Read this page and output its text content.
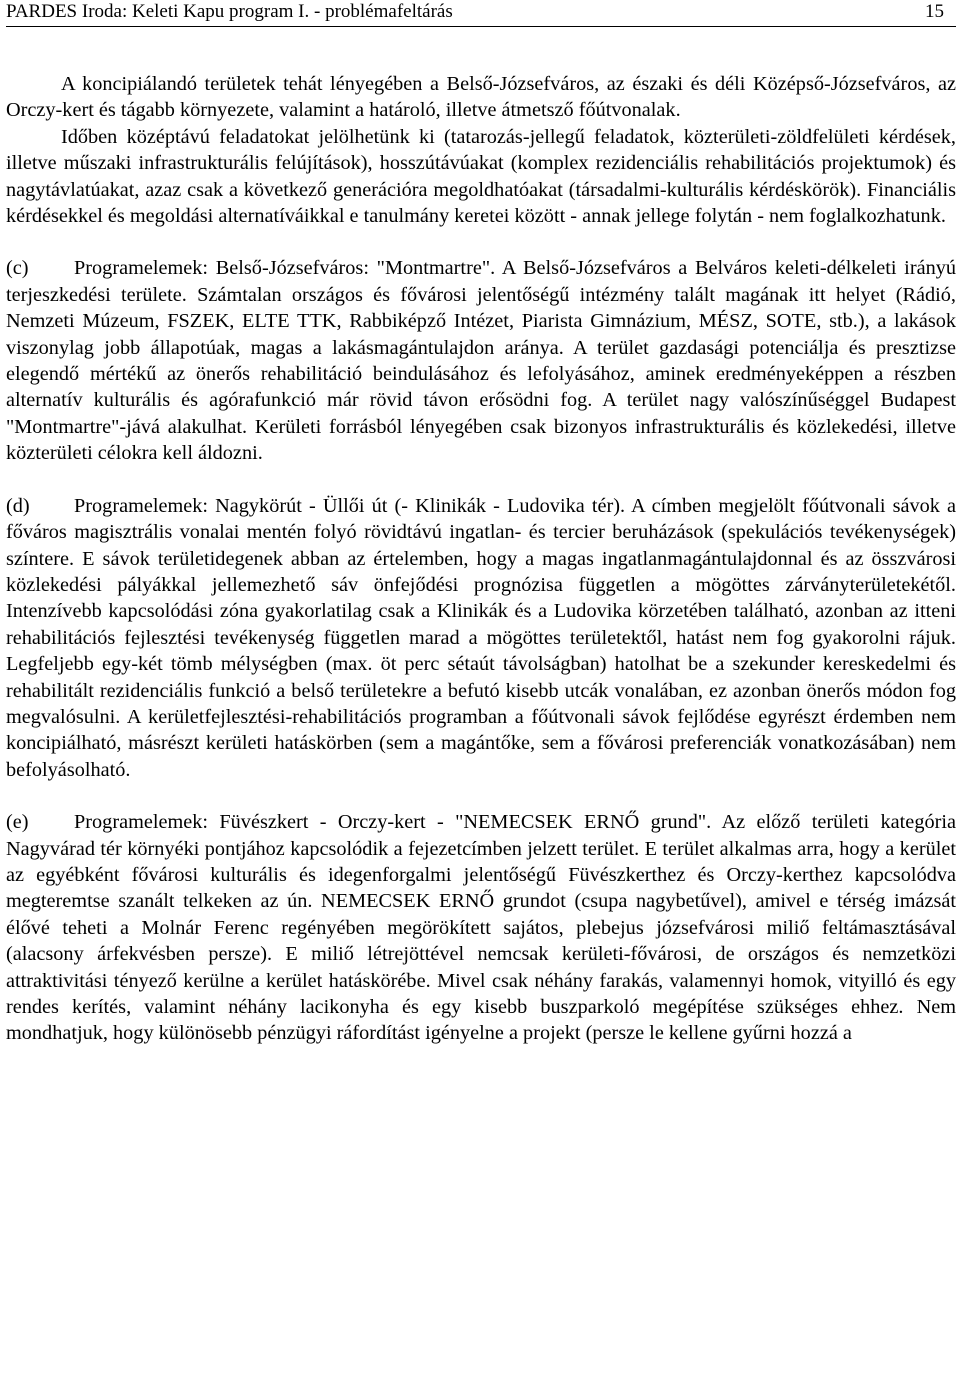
PARDES Iroda: Keleti Kapu program I. - problémafeltárás	15

A koncipiálandó területek tehát lényegében a Belső-Józsefváros, az északi és déli Középső-Józsefváros, az Orczy-kert és tágabb környezete, valamint a határoló, illetve átmetsző főútvonalak.

Időben középtávú feladatokat jelölhetünk ki (tatarozás-jellegű feladatok, közterületi-zöldfelületi kérdések, illetve műszaki infrastrukturális felújítások), hosszútávúakat (komplex rezidenciális rehabilitációs projektumok) és nagytávlatúakat, azaz csak a következő generációra megoldhatóakat (társadalmi-kulturális kérdéskörök). Financiális kérdésekkel és megoldási alternatíváikkal e tanulmány keretei között - annak jellege folytán - nem foglalkozhatunk.

(c) Programelemek: Belső-Józsefváros: "Montmartre". A Belső-Józsefváros a Belváros keleti-délkeleti irányú terjeszkedési területe. Számtalan országos és fővárosi jelentőségű intézmény talált magának itt helyet (Rádió, Nemzeti Múzeum, FSZEK, ELTE TTK, Rabbiképző Intézet, Piarista Gimnázium, MÉSZ, SOTE, stb.), a lakások viszonylag jobb állapotúak, magas a lakásmagántulajdon aránya. A terület gazdasági potenciálja és presztizse elegendő mértékű az önerős rehabilitáció beindulásához és lefolyásához, aminek eredményeképpen a részben alternatív kulturális és agórafunkció már rövid távon erősödni fog. A terület nagy valószínűséggel Budapest "Montmartre"-jává alakulhat. Kerületi forrásból lényegében csak bizonyos infrastrukturális és közlekedési, illetve közterületi célokra kell áldozni.

(d) Programelemek: Nagykörút - Üllői út (- Klinikák - Ludovika tér). A címben megjelölt főútvonali sávok a főváros magisztrális vonalai mentén folyó rövidtávú ingatlan- és tercier beruházások (spekulációs tevékenységek) színtere. E sávok területidegenek abban az értelemben, hogy a magas ingatlanmagántulajdonnal és az összvárosi közlekedési pályákkal jellemezhető sáv önfejődési prognózisa független a mögöttes zárványterületekétől. Intenzívebb kapcsolódási zóna gyakorlatilag csak a Klinikák és a Ludovika körzetében található, azonban az itteni rehabilitációs fejlesztési tevékenység független marad a mögöttes területektől, hatást nem fog gyakorolni rájuk. Legfeljebb egy-két tömb mélységben (max. öt perc sétaút távolságban) hatolhat be a szekunder kereskedelmi és rehabilitált rezidenciális funkció a belső területekre a befutó kisebb utcák vonalában, ez azonban önerős módon fog megvalósulni. A kerületfejlesztési-rehabilitációs programban a főútvonali sávok fejlődése egyrészt érdemben nem koncipiálható, másrészt kerületi hatáskörben (sem a magántőke, sem a fővárosi preferenciák vonatkozásában) nem befolyásolható.

(e) Programelemek: Füvészkert - Orczy-kert - "NEMECSEK ERNŐ grund". Az előző területi kategória Nagyvárad tér környéki pontjához kapcsolódik a fejezetcímben jelzett terület. E terület alkalmas arra, hogy a kerület az egyébként fővárosi kulturális és idegenforgalmi jelentőségű Füvészkerthez és Orczy-kerthez kapcsolódva megteremtse szanált telkeken az ún. NEMECSEK ERNŐ grundot (csupa nagybetűvel), amivel e térség imázsát élővé teheti a Molnár Ferenc regényében megörökített sajátos, plebejus józsefvárosi miliő feltámasztásával (alacsony árfekvésben persze). E miliő létrejöttével nemcsak kerületi-fővárosi, de országos és nemzetközi attraktivitási tényező kerülne a kerület hatáskörébe. Mivel csak néhány farakás, valamennyi homok, vityilló és egy rendes kerítés, valamint néhány lacikonyha és egy kisebb buszparkoló megépítése szükséges ehhez. Nem mondhatjuk, hogy különösebb pénzügyi ráfordítást igényelne a projekt (persze le kellene gyűrni hozzá a
